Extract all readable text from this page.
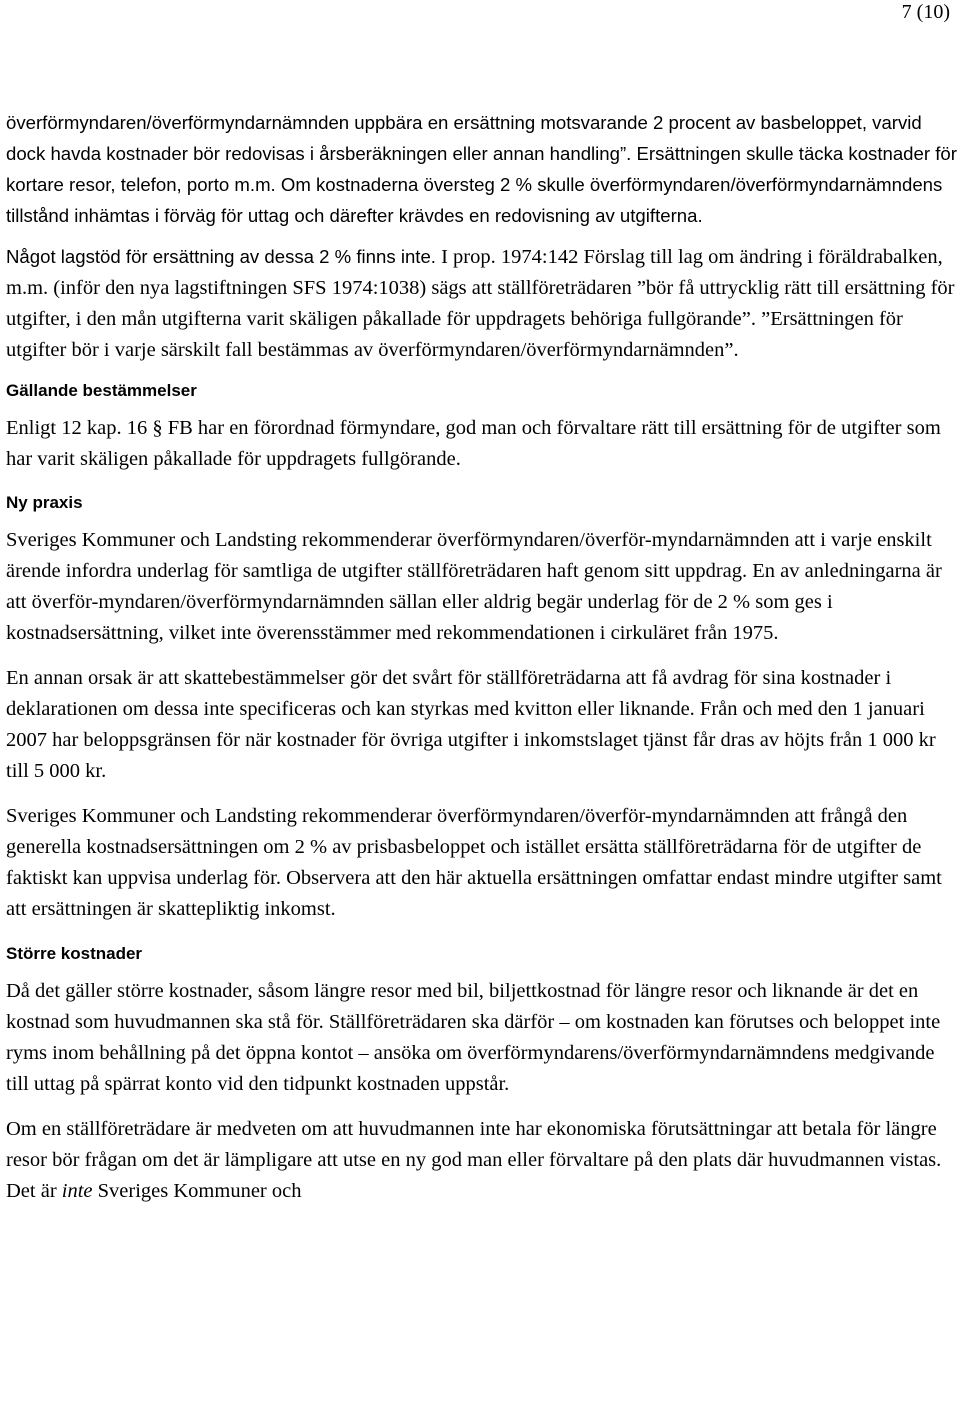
7 (10)

överförmyndaren/överförmyndarnämnden uppbära en ersättning motsvarande 2 procent av basbeloppet, varvid dock havda kostnader bör redovisas i årsberäkningen eller annan handling”. Ersättningen skulle täcka kostnader för kortare resor, telefon, porto m.m. Om kostnaderna översteg 2 % skulle överförmyndaren/överförmyndarnämndens tillstånd inhämtas i förväg för uttag och därefter krävdes en redovisning av utgifterna.

Något lagstöd för ersättning av dessa 2 % finns inte. I prop. 1974:142 Förslag till lag om ändring i föräldrabalken, m.m. (inför den nya lagstiftningen SFS 1974:1038) sägs att ställföreträdaren ”bör få uttrycklig rätt till ersättning för utgifter, i den mån utgifterna varit skäligen påkallade för uppdragets behöriga fullgörande”. ”Ersättningen för utgifter bör i varje särskilt fall bestämmas av överförmyndaren/överförmyndarnämnden”.

Gällande bestämmelser

Enligt 12 kap. 16 § FB har en förordnad förmyndare, god man och förvaltare rätt till ersättning för de utgifter som har varit skäligen påkallade för uppdragets fullgörande.

Ny praxis

Sveriges Kommuner och Landsting rekommenderar överförmyndaren/överför-myndarnämnden att i varje enskilt ärende infordra underlag för samtliga de utgifter ställföreträdaren haft genom sitt uppdrag. En av anledningarna är att överför-myndaren/överförmyndarnämnden sällan eller aldrig begär underlag för de 2 % som ges i kostnadsersättning, vilket inte överensstämmer med rekommendationen i cirkuläret från 1975.

En annan orsak är att skattebestämmelser gör det svårt för ställföreträdarna att få avdrag för sina kostnader i deklarationen om dessa inte specificeras och kan styrkas med kvitton eller liknande. Från och med den 1 januari 2007 har beloppsgränsen för när kostnader för övriga utgifter i inkomstslaget tjänst får dras av höjts från 1 000 kr till 5 000 kr.

Sveriges Kommuner och Landsting rekommenderar överförmyndaren/överför-myndarnämnden att frångå den generella kostnadsersättningen om 2 % av prisbasbeloppet och istället ersätta ställföreträdarna för de utgifter de faktiskt kan uppvisa underlag för. Observera att den här aktuella ersättningen omfattar endast mindre utgifter samt att ersättningen är skattepliktig inkomst.

Större kostnader

Då det gäller större kostnader, såsom längre resor med bil, biljettkostnad för längre resor och liknande är det en kostnad som huvudmannen ska stå för. Ställföreträdaren ska därför – om kostnaden kan förutses och beloppet inte ryms inom behållning på det öppna kontot – ansöka om överförmyndarens/överförmyndarnämndens medgivande till uttag på spärrat konto vid den tidpunkt kostnaden uppstår.

Om en ställföreträdare är medveten om att huvudmannen inte har ekonomiska förutsättningar att betala för längre resor bör frågan om det är lämpligare att utse en ny god man eller förvaltare på den plats där huvudmannen vistas. Det är inte Sveriges Kommuner och
